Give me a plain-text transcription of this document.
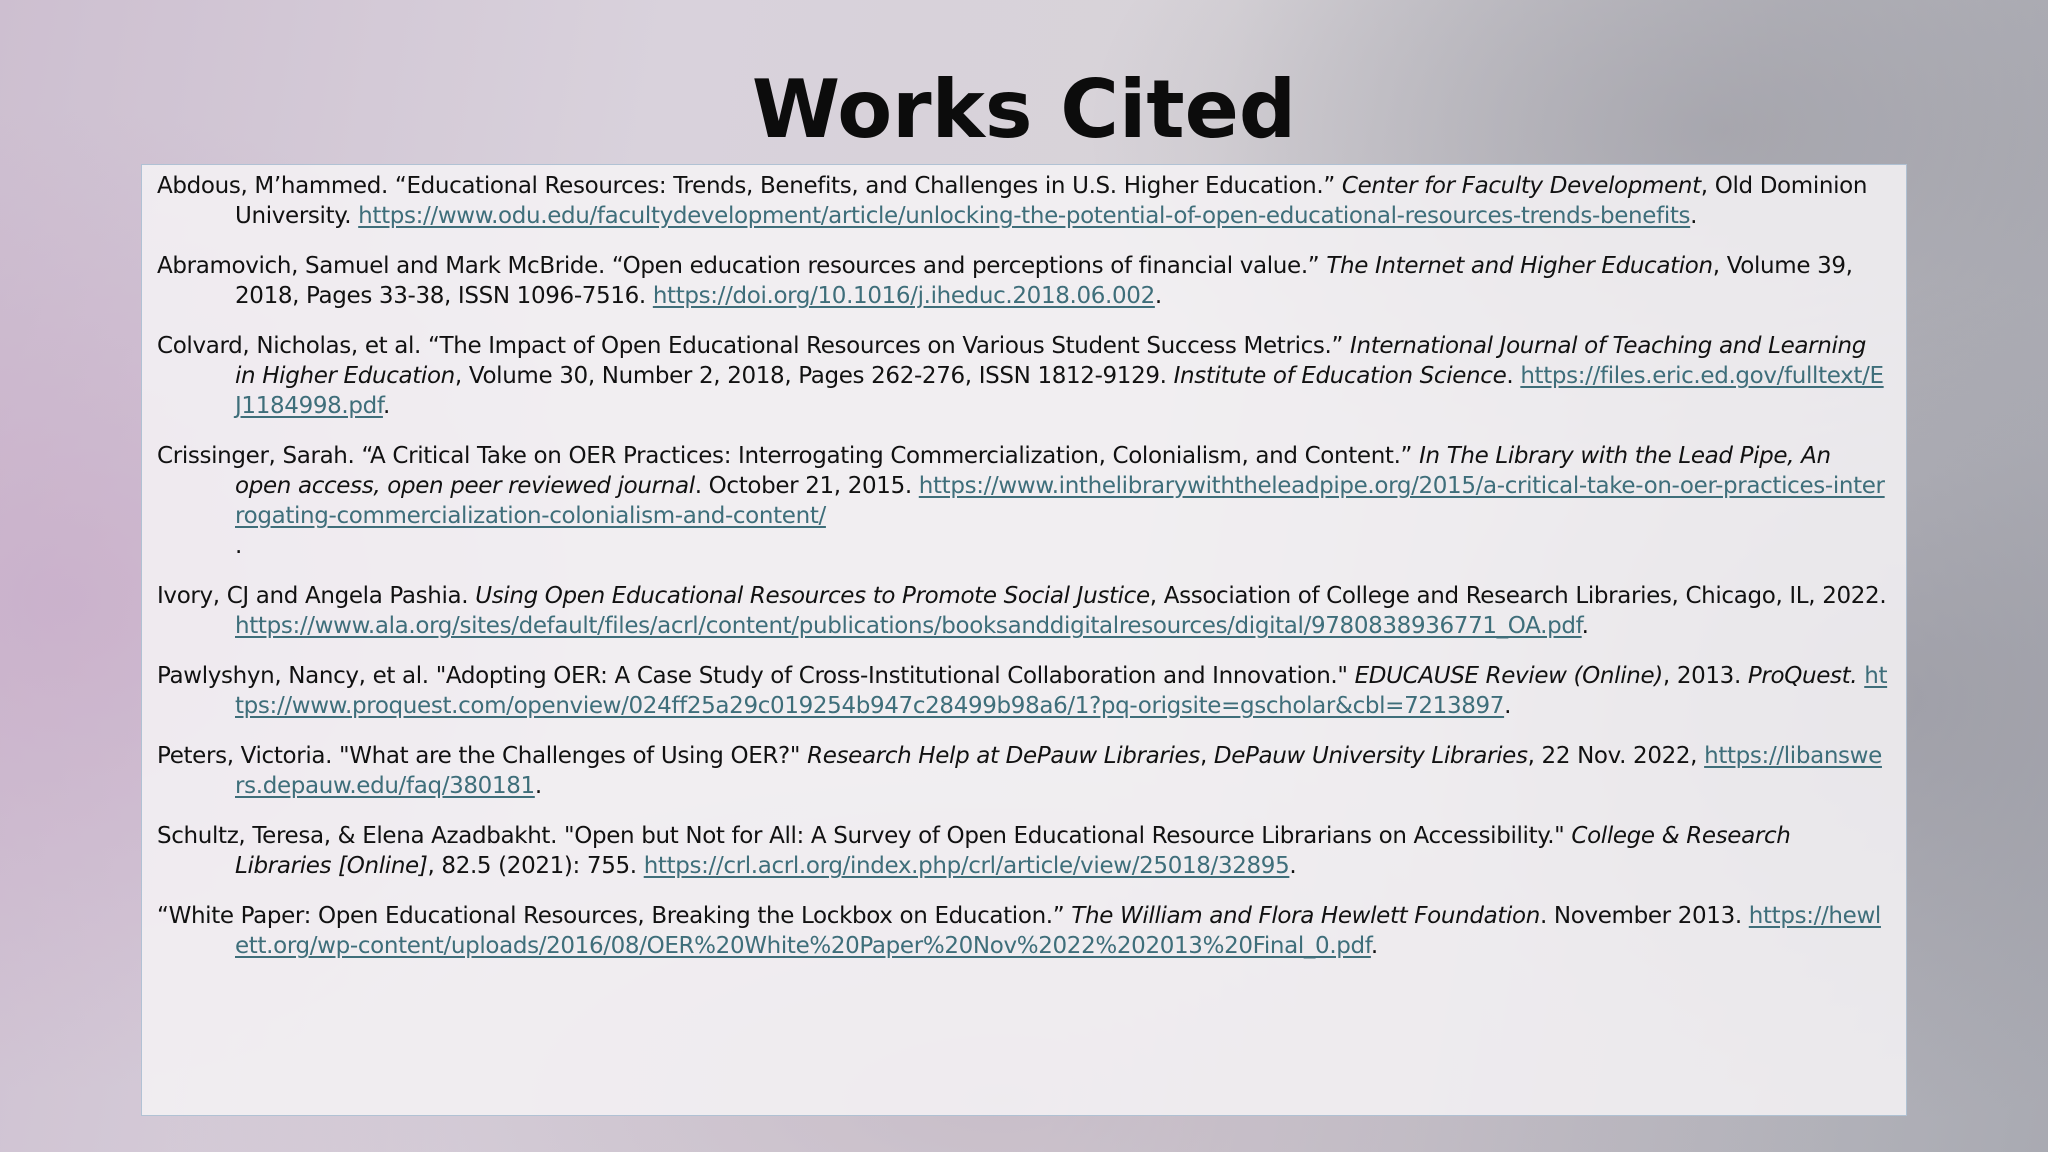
Works Cited

Abdous, M’hammed. “Educational Resources: Trends, Benefits, and Challenges in U.S. Higher Education.” Center for Faculty Development, Old Dominion University. https://www.odu.edu/facultydevelopment/article/unlocking-the-potential-of-open-educational-resources-trends-benefits.

Abramovich, Samuel and Mark McBride. “Open education resources and perceptions of financial value.” The Internet and Higher Education, Volume 39, 2018, Pages 33-38, ISSN 1096-7516. https://doi.org/10.1016/j.iheduc.2018.06.002.

Colvard, Nicholas, et al. “The Impact of Open Educational Resources on Various Student Success Metrics.” International Journal of Teaching and Learning in Higher Education, Volume 30, Number 2, 2018, Pages 262-276, ISSN 1812-9129. Institute of Education Science. https://files.eric.ed.gov/fulltext/EJ1184998.pdf.

Crissinger, Sarah. “A Critical Take on OER Practices: Interrogating Commercialization, Colonialism, and Content.” In The Library with the Lead Pipe, An open access, open peer reviewed journal. October 21, 2015. https://www.inthelibrarywiththeleadpipe.org/2015/a-critical-take-on-oer-practices-interrogating-commercialization-colonialism-and-content/
.

Ivory, CJ and Angela Pashia. Using Open Educational Resources to Promote Social Justice, Association of College and Research Libraries, Chicago, IL, 2022. https://www.ala.org/sites/default/files/acrl/content/publications/booksanddigitalresources/digital/9780838936771_OA.pdf.

Pawlyshyn, Nancy, et al. "Adopting OER: A Case Study of Cross-Institutional Collaboration and Innovation." EDUCAUSE Review (Online), 2013. ProQuest. https://www.proquest.com/openview/024ff25a29c019254b947c28499b98a6/1?pq-origsite=gscholar&cbl=7213897.

Peters, Victoria. "What are the Challenges of Using OER?" Research Help at DePauw Libraries, DePauw University Libraries, 22 Nov. 2022, https://libanswers.depauw.edu/faq/380181.

Schultz, Teresa, & Elena Azadbakht. "Open but Not for All: A Survey of Open Educational Resource Librarians on Accessibility." College & Research Libraries [Online], 82.5 (2021): 755. https://crl.acrl.org/index.php/crl/article/view/25018/32895.

“White Paper: Open Educational Resources, Breaking the Lockbox on Education.” The William and Flora Hewlett Foundation. November 2013. https://hewlett.org/wp-content/uploads/2016/08/OER%20White%20Paper%20Nov%2022%202013%20Final_0.pdf.
